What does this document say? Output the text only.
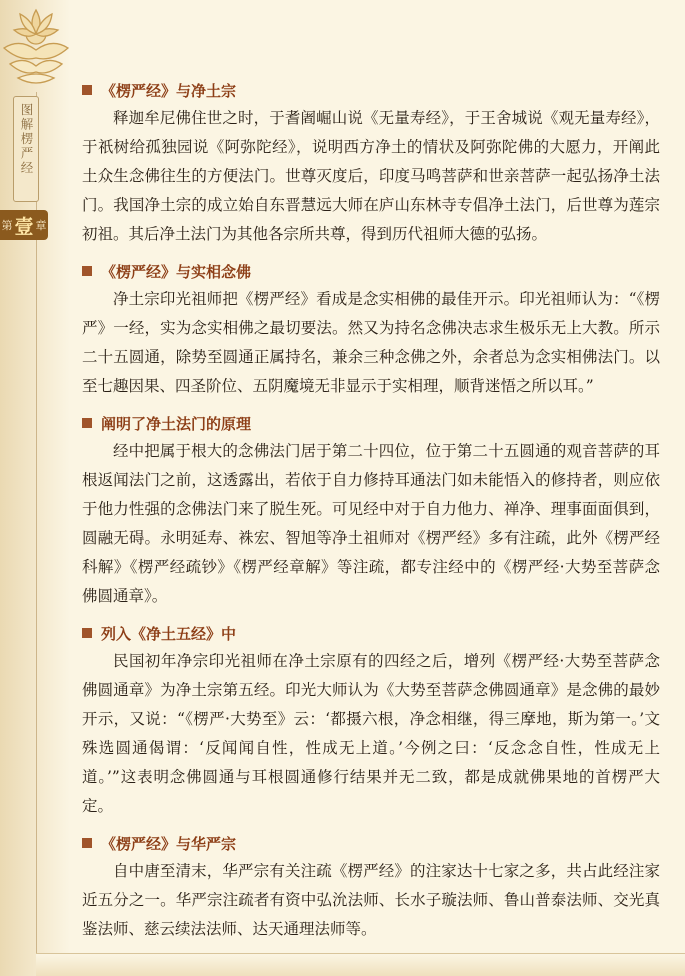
图解楞严经
第 壹 章
《楞严经》与净土宗

释迦牟尼佛住世之时，于耆阇崛山说《无量寿经》，于王舍城说《观无量寿经》，于祇树给孤独园说《阿弥陀经》，说明西方净土的情状及阿弥陀佛的大愿力，开阐此土众生念佛往生的方便法门。世尊灭度后，印度马鸣菩萨和世亲菩萨一起弘扬净土法门。我国净土宗的成立始自东晋慧远大师在庐山东林寺专倡净土法门，后世尊为莲宗初祖。其后净土法门为其他各宗所共尊，得到历代祖师大德的弘扬。

《楞严经》与实相念佛

净土宗印光祖师把《楞严经》看成是念实相佛的最佳开示。印光祖师认为：“《楞严》一经，实为念实相佛之最切要法。然又为持名念佛决志求生极乐无上大教。所示二十五圆通，除势至圆通正属持名，兼余三种念佛之外，余者总为念实相佛法门。以至七趣因果、四圣阶位、五阴魔境无非显示于实相理，顺背迷悟之所以耳。”

阐明了净土法门的原理

经中把属于根大的念佛法门居于第二十四位，位于第二十五圆通的观音菩萨的耳根返闻法门之前，这透露出，若依于自力修持耳通法门如未能悟入的修持者，则应依于他力性强的念佛法门来了脱生死。可见经中对于自力他力、禅净、理事面面俱到，圆融无碍。永明延寿、袾宏、智旭等净土祖师对《楞严经》多有注疏，此外《楞严经科解》《楞严经疏钞》《楞严经章解》等注疏，都专注经中的《楞严经·大势至菩萨念佛圆通章》。

列入《净土五经》中

民国初年净宗印光祖师在净土宗原有的四经之后，增列《楞严经·大势至菩萨念佛圆通章》为净土宗第五经。印光大师认为《大势至菩萨念佛圆通章》是念佛的最妙开示，又说：“《楞严·大势至》云：‘都摄六根，净念相继，得三摩地，斯为第一。’文殊选圆通偈谓：‘反闻闻自性，性成无上道。’今例之曰：‘反念念自性，性成无上道。’”这表明念佛圆通与耳根圆通修行结果并无二致，都是成就佛果地的首楞严大定。

《楞严经》与华严宗

自中唐至清末，华严宗有关注疏《楞严经》的注家达十七家之多，共占此经注家近五分之一。华严宗注疏者有资中弘沇法师、长水子璇法师、鲁山普泰法师、交光真鉴法师、慈云续法法师、达天通理法师等。
